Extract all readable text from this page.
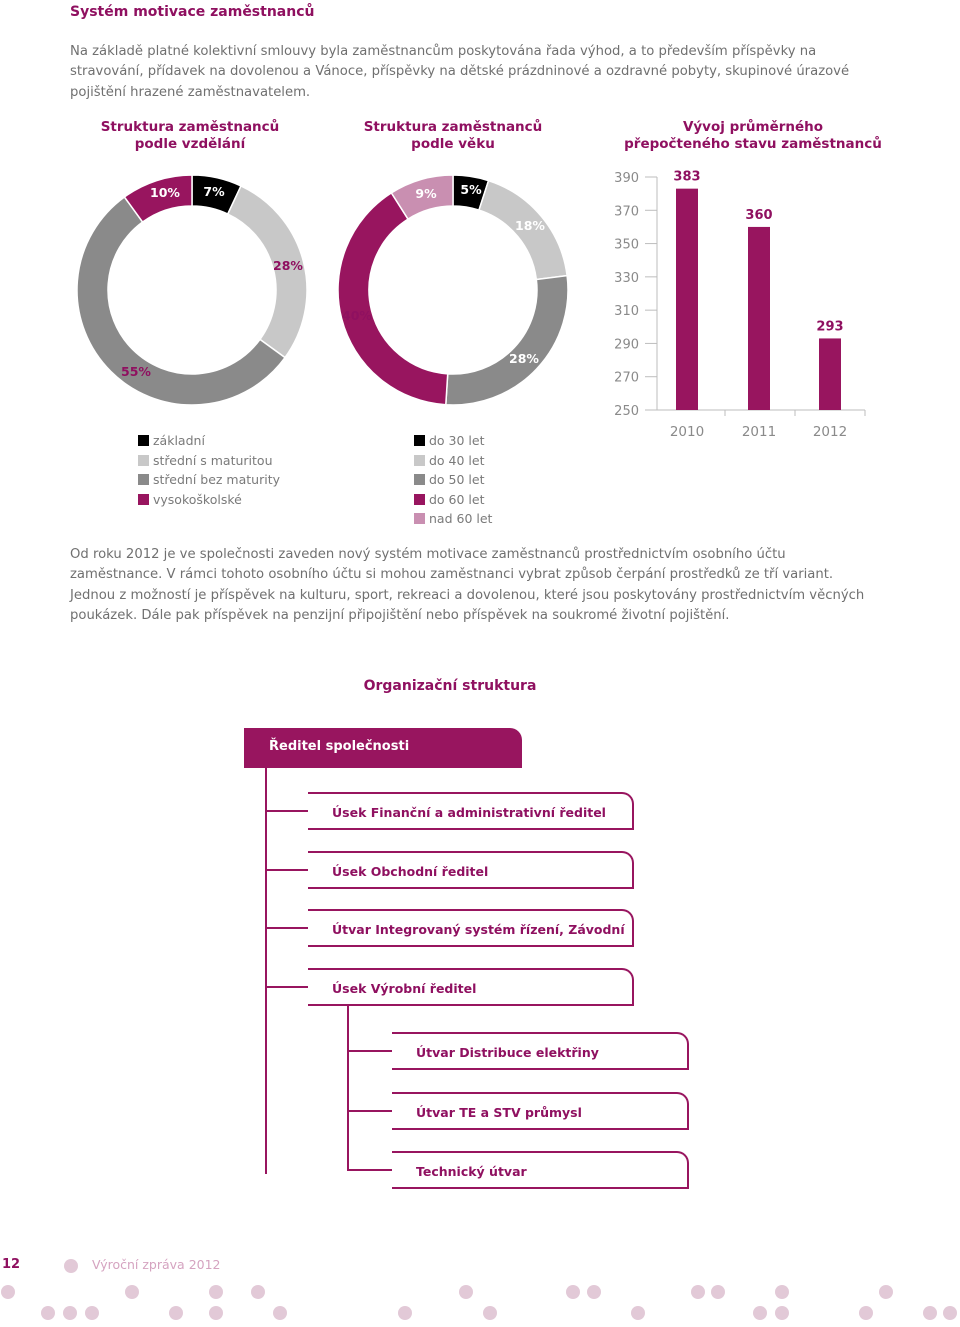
Systém motivace zaměstnanců
Na základě platné kolektivní smlouvy byla zaměstnancům poskytována řada výhod, a to především příspěvky na stravování, přídavek na dovolenou a Vánoce, příspěvky na dětské prázdninové a ozdravné pobyty, skupinové úrazové pojištění hrazené zaměstnavatelem.
Struktura zaměstnanců
podle vzdělání
Struktura zaměstnanců
podle věku
Vývoj průměrného
přepočteného stavu zaměstnanců
7%
28%
55%
10%	5%
18%
28%
40%
9%
390
370
350
330
310
290
270
250
383
2010
360
2011
293
2012
základní
střední s maturitou
střední bez maturity
vysokoškolské
do 30 let
do 40 let
do 50 let
do 60 let
nad 60 let
Od roku 2012 je ve společnosti zaveden nový systém motivace zaměstnanců prostřednictvím osobního účtu zaměstnance. V rámci tohoto osobního účtu si mohou zaměstnanci vybrat způsob čerpání prostředků ze tří variant. Jednou z možností je příspěvek na kulturu, sport, rekreaci a dovolenou, které jsou poskytovány prostřednictvím věcných poukázek. Dále pak příspěvek na penzijní připojištění nebo příspěvek na soukromé životní pojištění.
Organizační struktura
Ředitel společnosti
Úsek Finanční a administrativní ředitel
Úsek Obchodní ředitel
Útvar Integrovaný systém řízení, Závodní
Úsek Výrobní ředitel
Útvar Distribuce elektřiny
Útvar TE a STV průmysl
Technický útvar
12	Výroční zpráva 2012
